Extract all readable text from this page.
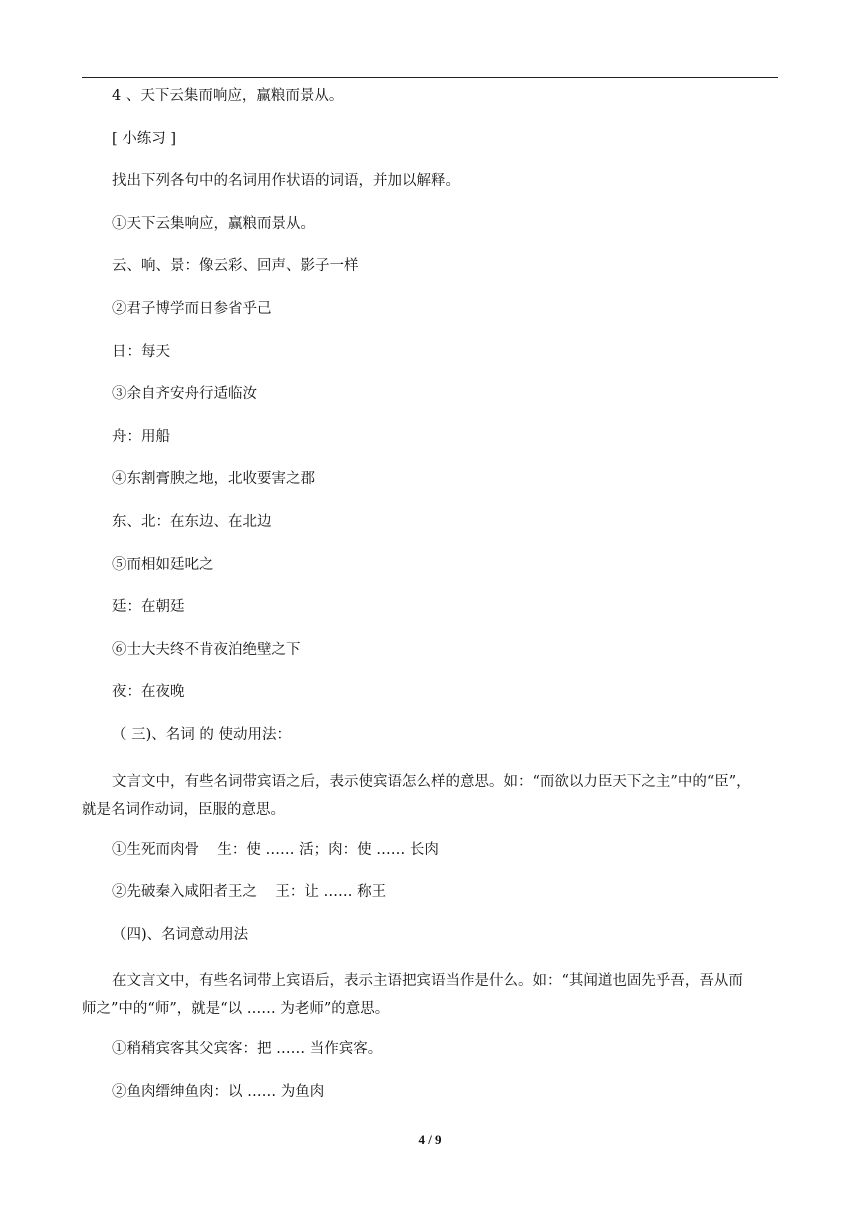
4 、天下云集而响应，赢粮而景从。
[ 小练习 ]
找出下列各句中的名词用作状语的词语，并加以解释。
①天下云集响应，赢粮而景从。
云、响、景：像云彩、回声、影子一样
②君子博学而日参省乎己
日：每天
③余自齐安舟行适临汝
舟：用船
④东割膏腴之地，北收要害之郡
东、北：在东边、在北边
⑤而相如廷叱之
廷：在朝廷
⑥士大夫终不肯夜泊绝壁之下
夜：在夜晚
（ 三)、名词 的 使动用法：
文言文中，有些名词带宾语之后，表示使宾语怎么样的意思。如：“而欲以力臣天下之主”中的“臣”，
就是名词作动词，臣服的意思。
①生死而肉骨    生：使 …… 活；肉：使 …… 长肉
②先破秦入咸阳者王之    王：让 …… 称王
（四)、名词意动用法
在文言文中，有些名词带上宾语后，表示主语把宾语当作是什么。如：“其闻道也固先乎吾，吾从而
师之”中的“师”，就是“以 …… 为老师”的意思。
①稍稍宾客其父宾客：把 …… 当作宾客。
②鱼肉缙绅鱼肉：以 …… 为鱼肉
4 / 9
